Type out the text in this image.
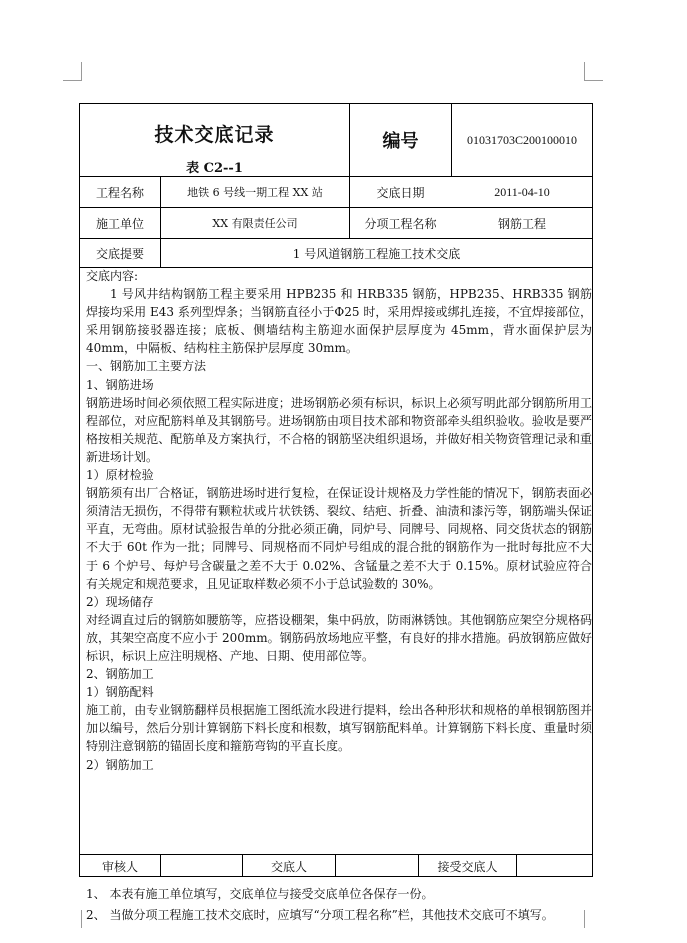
技术交底记录
表 C2--1
编号	01031703C200100010
工程名称	地铁 6 号线一期工程 XX 站	交底日期	2011-04-10
施工单位	XX 有限责任公司	分项工程名称	钢筋工程
交底提要	1 号风道钢筋工程施工技术交底

交底内容:

1 号风井结构钢筋工程主要采用 HPB235 和 HRB335 钢筋，HPB235、HRB335 钢筋焊接均采用 E43 系列型焊条；当钢筋直径小于Φ25 时，采用焊接或绑扎连接，不宜焊接部位，采用钢筋接驳器连接；底板、侧墙结构主筋迎水面保护层厚度为 45mm，背水面保护层为 40mm，中隔板、结构柱主筋保护层厚度 30mm。

一、钢筋加工主要方法

1、钢筋进场

钢筋进场时间必须依照工程实际进度；进场钢筋必须有标识，标识上必须写明此部分钢筋所用工程部位，对应配筋料单及其钢筋号。进场钢筋由项目技术部和物资部牵头组织验收。验收是要严格按相关规范、配筋单及方案执行，不合格的钢筋坚决组织退场，并做好相关物资管理记录和重新进场计划。

1）原材检验

钢筋须有出厂合格证，钢筋进场时进行复检，在保证设计规格及力学性能的情况下，钢筋表面必须清洁无损伤，不得带有颗粒状或片状铁锈、裂纹、结疤、折叠、油渍和漆污等，钢筋端头保证平直，无弯曲。原材试验报告单的分批必须正确，同炉号、同牌号、同规格、同交货状态的钢筋不大于 60t 作为一批；同牌号、同规格而不同炉号组成的混合批的钢筋作为一批时每批应不大于 6 个炉号、每炉号含碳量之差不大于 0.02%、含锰量之差不大于 0.15%。原材试验应符合有关规定和规范要求，且见证取样数必须不小于总试验数的 30%。

2）现场储存

对经调直过后的钢筋如腰筋等，应搭设棚架，集中码放，防雨淋锈蚀。其他钢筋应架空分规格码放，其架空高度不应小于 200mm。钢筋码放场地应平整，有良好的排水措施。码放钢筋应做好标识，标识上应注明规格、产地、日期、使用部位等。

2、钢筋加工

1）钢筋配料

施工前，由专业钢筋翻样员根据施工图纸流水段进行提料，绘出各种形状和规格的单根钢筋图并加以编号，然后分别计算钢筋下料长度和根数，填写钢筋配料单。计算钢筋下料长度、重量时须特别注意钢筋的锚固长度和箍筋弯钩的平直长度。

2）钢筋加工

审核人	交底人	接受交底人

1、 本表有施工单位填写，交底单位与接受交底单位各保存一份。

2、 当做分项工程施工技术交底时，应填写“分项工程名称”栏，其他技术交底可不填写。
